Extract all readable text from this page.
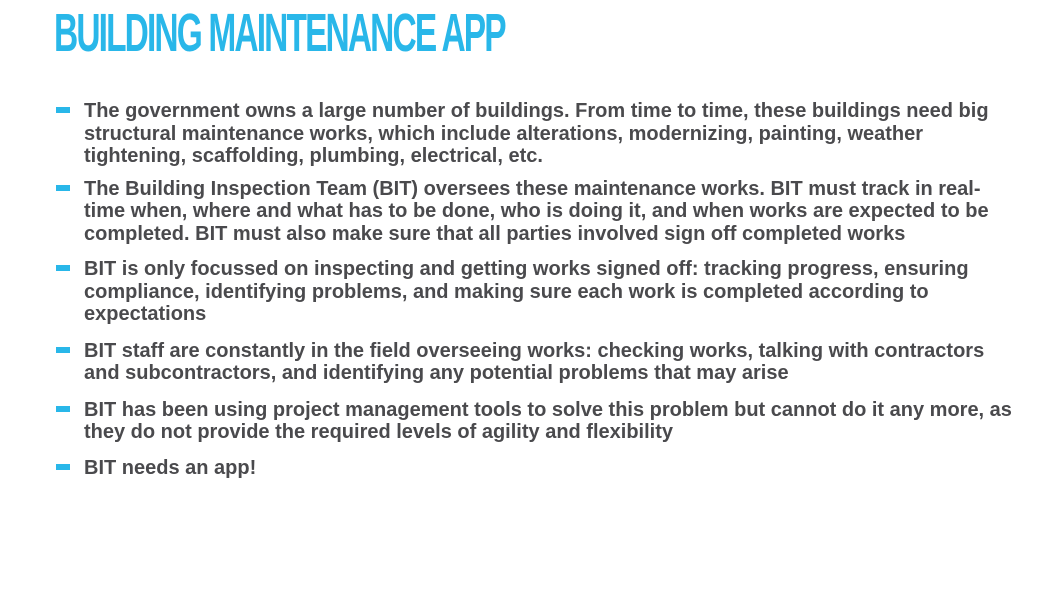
BUILDING MAINTENANCE APP
The government owns a large number of buildings. From time to time, these buildings need big structural maintenance works, which include alterations, modernizing, painting, weather tightening, scaffolding, plumbing, electrical, etc.
The Building Inspection Team (BIT) oversees these maintenance works. BIT must track in real-time when, where and what has to be done, who is doing it, and when works are expected to be completed. BIT must also make sure that all parties involved sign off completed works
BIT is only focussed on inspecting and getting works signed off: tracking progress, ensuring compliance, identifying problems, and making sure each work is completed according to expectations
BIT staff are constantly in the field overseeing works: checking works, talking with contractors and subcontractors, and identifying any potential problems that may arise
BIT has been using project management tools to solve this problem but cannot do it any more, as they do not provide the required levels of agility and flexibility
BIT needs an app!
